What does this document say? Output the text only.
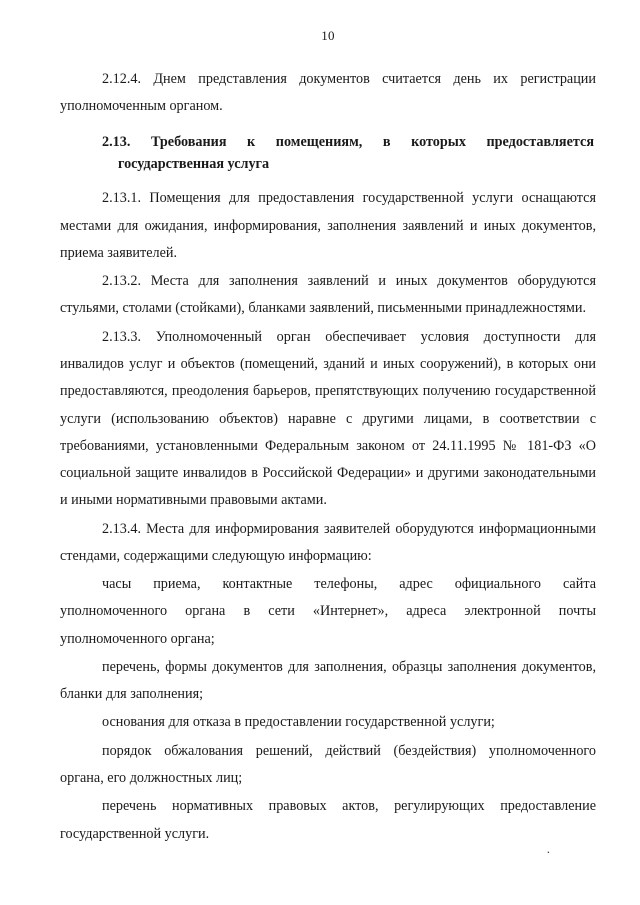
10

2.12.4. Днем представления документов считается день их регистрации уполномоченным органом.

2.13. Требования к помещениям, в которых предоставляется государственная услуга

2.13.1. Помещения для предоставления государственной услуги оснащаются местами для ожидания, информирования, заполнения заявлений и иных документов, приема заявителей.

2.13.2. Места для заполнения заявлений и иных документов оборудуются стульями, столами (стойками), бланками заявлений, письменными принадлежностями.

2.13.3. Уполномоченный орган обеспечивает условия доступности для инвалидов услуг и объектов (помещений, зданий и иных сооружений), в которых они предоставляются, преодоления барьеров, препятствующих получению государственной услуги (использованию объектов) наравне с другими лицами, в соответствии с требованиями, установленными Федеральным законом от 24.11.1995 № 181-ФЗ «О социальной защите инвалидов в Российской Федерации» и другими законодательными и иными нормативными правовыми актами.

2.13.4. Места для информирования заявителей оборудуются информационными стендами, содержащими следующую информацию:

часы приема, контактные телефоны, адрес официального сайта уполномоченного органа в сети «Интернет», адреса электронной почты уполномоченного органа;

перечень, формы документов для заполнения, образцы заполнения документов, бланки для заполнения;

основания для отказа в предоставлении государственной услуги;

порядок обжалования решений, действий (бездействия) уполномоченного органа, его должностных лиц;

перечень нормативных правовых актов, регулирующих предоставление государственной услуги.

.
